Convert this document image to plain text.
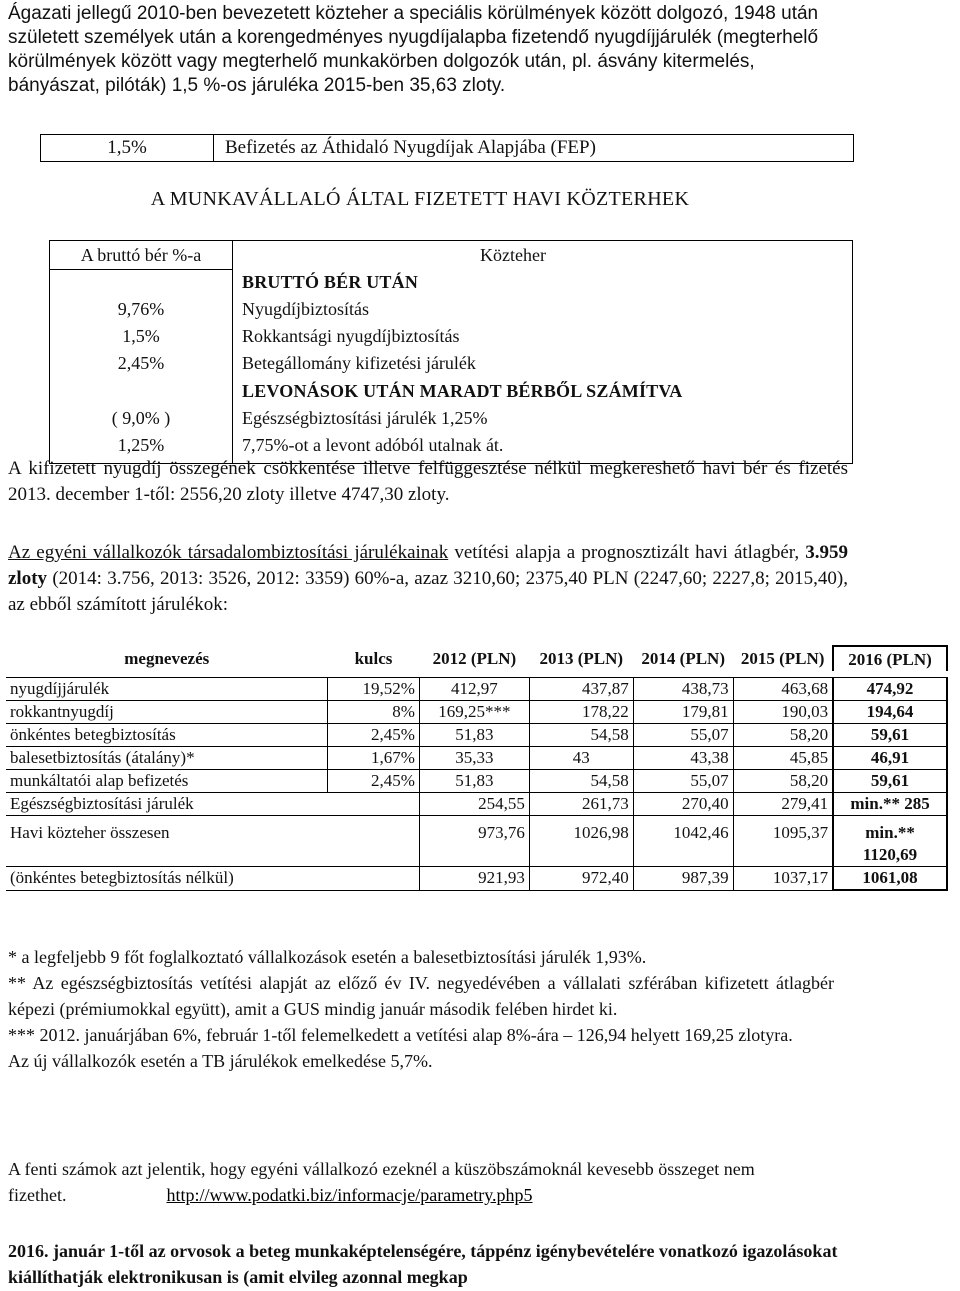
Ágazati jellegű 2010-ben bevezetett közteher a speciális körülmények között dolgozó, 1948 után született személyek után a korengedményes nyugdíjalapba fizetendő nyugdíjjárulék (megterhelő körülmények között vagy megterhelő munkakörben dolgozók után, pl. ásvány kitermelés, bányászat, pilóták) 1,5 %-os járuléka 2015-ben 35,63 zloty.
1,5%	Befizetés az Áthidaló Nyugdíjak Alapjába (FEP)
A MUNKAVÁLLALÓ ÁLTAL FIZETETT HAVI KÖZTERHEK
A bruttó bér %-a	Közteher
BRUTTÓ BÉR UTÁN
9,76%	Nyugdíjbiztosítás
1,5%	Rokkantsági nyugdíjbiztosítás
2,45%	Betegállomány kifizetési járulék
LEVONÁSOK UTÁN MARADT BÉRBŐL SZÁMÍTVA
( 9,0% )	Egészségbiztosítási járulék 1,25%
1,25%	7,75%-ot a levont adóból utalnak át.
A kifizetett nyugdíj összegének csökkentése illetve felfüggesztése nélkül megkereshető havi bér és fizetés 2013. december 1-től: 2556,20 zloty illetve 4747,30 zloty.
Az egyéni vállalkozók társadalombiztosítási járulékainak vetítési alapja a prognosztizált havi átlagbér, 3.959 zloty (2014: 3.756, 2013: 3526, 2012: 3359) 60%-a, azaz 3210,60; 2375,40 PLN (2247,60; 2227,8; 2015,40), az ebből számított járulékok:
megnevezés	kulcs	2012 (PLN)	2013 (PLN)	2014 (PLN)	2015 (PLN)	2016 (PLN)

nyugdíjjárulék	19,52%	412,97	437,87	438,73	463,68	474,92
rokkantnyugdíj	8%	169,25***	178,22	179,81	190,03	194,64
önkéntes betegbiztosítás	2,45%	51,83	54,58	55,07	58,20	59,61
balesetbiztosítás (átalány)*	1,67%	35,33	43	43,38	45,85	46,91
munkáltatói alap befizetés	2,45%	51,83	54,58	55,07	58,20	59,61
Egészségbiztosítási járulék		254,55	261,73	270,40	279,41	min.** 285
Havi közteher összesen		973,76	1026,98	1042,46	1095,37	min.** 1120,69
(önkéntes betegbiztosítás nélkül)		921,93	972,40	987,39	1037,17	1061,08
* a legfeljebb 9 főt foglalkoztató vállalkozások esetén a balesetbiztosítási járulék 1,93%.
** Az egészségbiztosítás vetítési alapját az előző év IV. negyedévében a vállalati szférában kifizetett átlagbér képezi (prémiumokkal együtt), amit a GUS mindig január második felében hirdet ki.
*** 2012. januárjában 6%, február 1-től felemelkedett a vetítési alap 8%-ára – 126,94 helyett 169,25 zlotyra.
Az új vállalkozók esetén a TB járulékok emelkedése 5,7%.
A fenti számok azt jelentik, hogy egyéni vállalkozó ezeknél a küszöbszámoknál kevesebb összeget nem fizethet.	http://www.podatki.biz/informacje/parametry.php5
2016. január 1-től az orvosok a beteg munkaképtelenségére, táppénz igénybevételére vonatkozó igazolásokat kiállíthatják elektronikusan is (amit elvileg azonnal megkap
